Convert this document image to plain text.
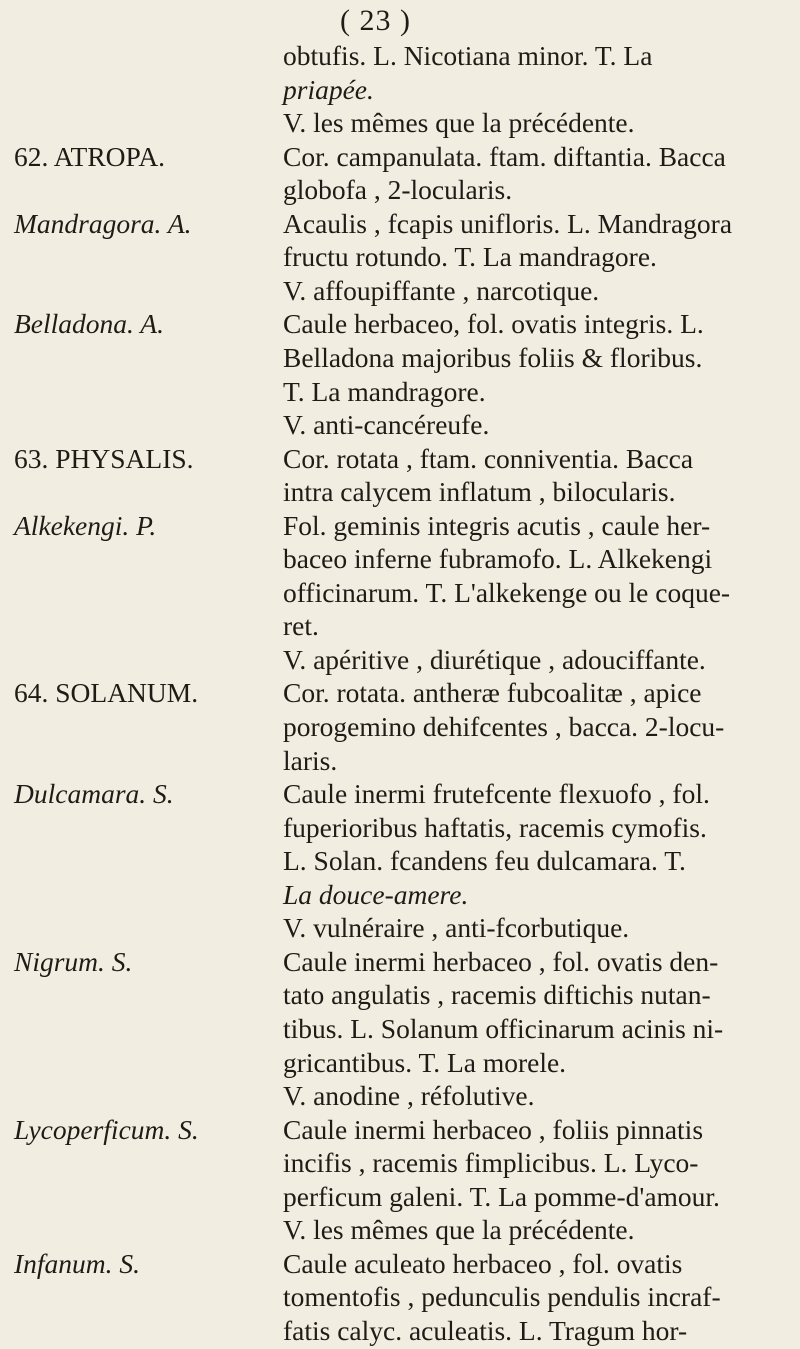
( 23 )
obtufis. L. Nicotiana minor. T. La
priapée.
V. les mêmes que la précédente.
62. ATROPA.	Cor. campanulata. ftam. diftantia. Bacca
globofa , 2-locularis.
Mandragora. A.	Acaulis , fcapis unifloris. L. Mandragora
fructu rotundo. T. La mandragore.
V. affoupiffante , narcotique.
Belladona. A.	Caule herbaceo, fol. ovatis integris. L.
Belladona majoribus foliis & floribus.
T. La mandragore.
V. anti-cancéreufe.
63. PHYSALIS.	Cor. rotata , ftam. conniventia. Bacca
intra calycem inflatum , bilocularis.
Alkekengi. P.	Fol. geminis integris acutis , caule her-
baceo inferne fubramofo. L. Alkekengi
officinarum. T. L'alkekenge ou le coque-
ret.
V. apéritive , diurétique , adouciffante.
64. SOLANUM.	Cor. rotata. antheræ fubcoalitæ , apice
porogemino dehifcentes , bacca. 2-locu-
laris.
Dulcamara. S.	Caule inermi frutefcente flexuofo , fol.
fuperioribus haftatis, racemis cymofis.
L. Solan. fcandens feu dulcamara. T.
La douce-amere.
V. vulnéraire , anti-fcorbutique.
Nigrum. S.	Caule inermi herbaceo , fol. ovatis den-
tato angulatis , racemis diftichis nutan-
tibus. L. Solanum officinarum acinis ni-
gricantibus. T. La morele.
V. anodine , réfolutive.
Lycoperficum. S.	Caule inermi herbaceo , foliis pinnatis
incifis , racemis fimplicibus. L. Lyco-
perficum galeni. T. La pomme-d'amour.
V. les mêmes que la précédente.
Infanum. S.	Caule aculeato herbaceo , fol. ovatis
tomentofis , pedunculis pendulis incraf-
fatis calyc. aculeatis. L. Tragum hor-
